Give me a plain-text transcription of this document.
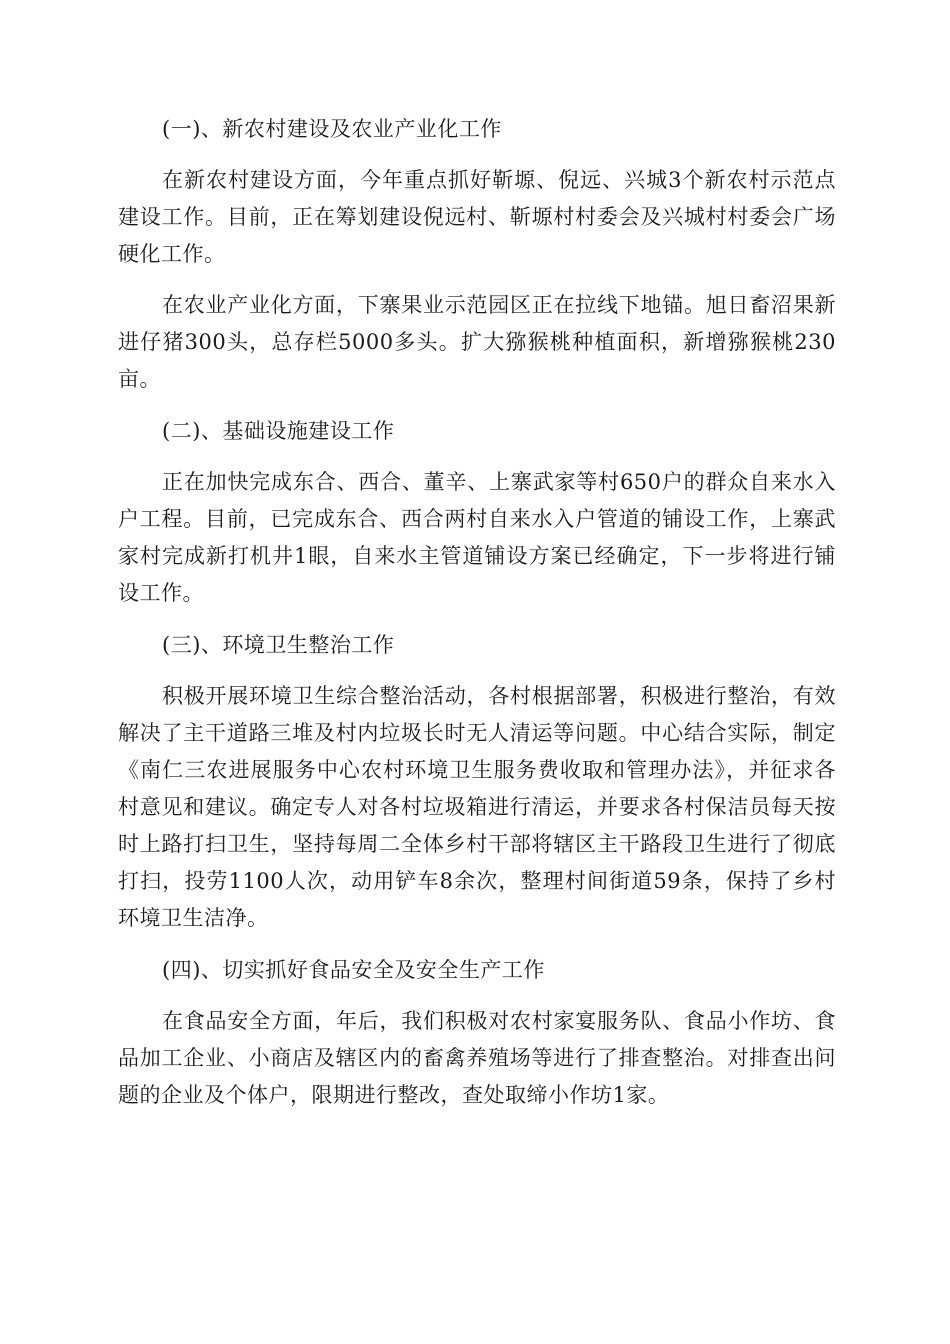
(一)、新农村建设及农业产业化工作

在新农村建设方面，今年重点抓好靳塬、倪远、兴城3个新农村示范点建设工作。目前，正在筹划建设倪远村、靳塬村村委会及兴城村村委会广场硬化工作。

在农业产业化方面，下寨果业示范园区正在拉线下地锚。旭日畜沼果新进仔猪300头，总存栏5000多头。扩大猕猴桃种植面积，新增猕猴桃230亩。

(二)、基础设施建设工作

正在加快完成东合、西合、董辛、上寨武家等村650户的群众自来水入户工程。目前，已完成东合、西合两村自来水入户管道的铺设工作，上寨武家村完成新打机井1眼，自来水主管道铺设方案已经确定，下一步将进行铺设工作。

(三)、环境卫生整治工作

积极开展环境卫生综合整治活动，各村根据部署，积极进行整治，有效解决了主干道路三堆及村内垃圾长时无人清运等问题。中心结合实际，制定《南仁三农进展服务中心农村环境卫生服务费收取和管理办法》，并征求各村意见和建议。确定专人对各村垃圾箱进行清运，并要求各村保洁员每天按时上路打扫卫生，坚持每周二全体乡村干部将辖区主干路段卫生进行了彻底打扫，投劳1100人次，动用铲车8余次，整理村间街道59条，保持了乡村环境卫生洁净。

(四)、切实抓好食品安全及安全生产工作

在食品安全方面，年后，我们积极对农村家宴服务队、食品小作坊、食品加工企业、小商店及辖区内的畜禽养殖场等进行了排查整治。对排查出问题的企业及个体户，限期进行整改，查处取缔小作坊1家。
